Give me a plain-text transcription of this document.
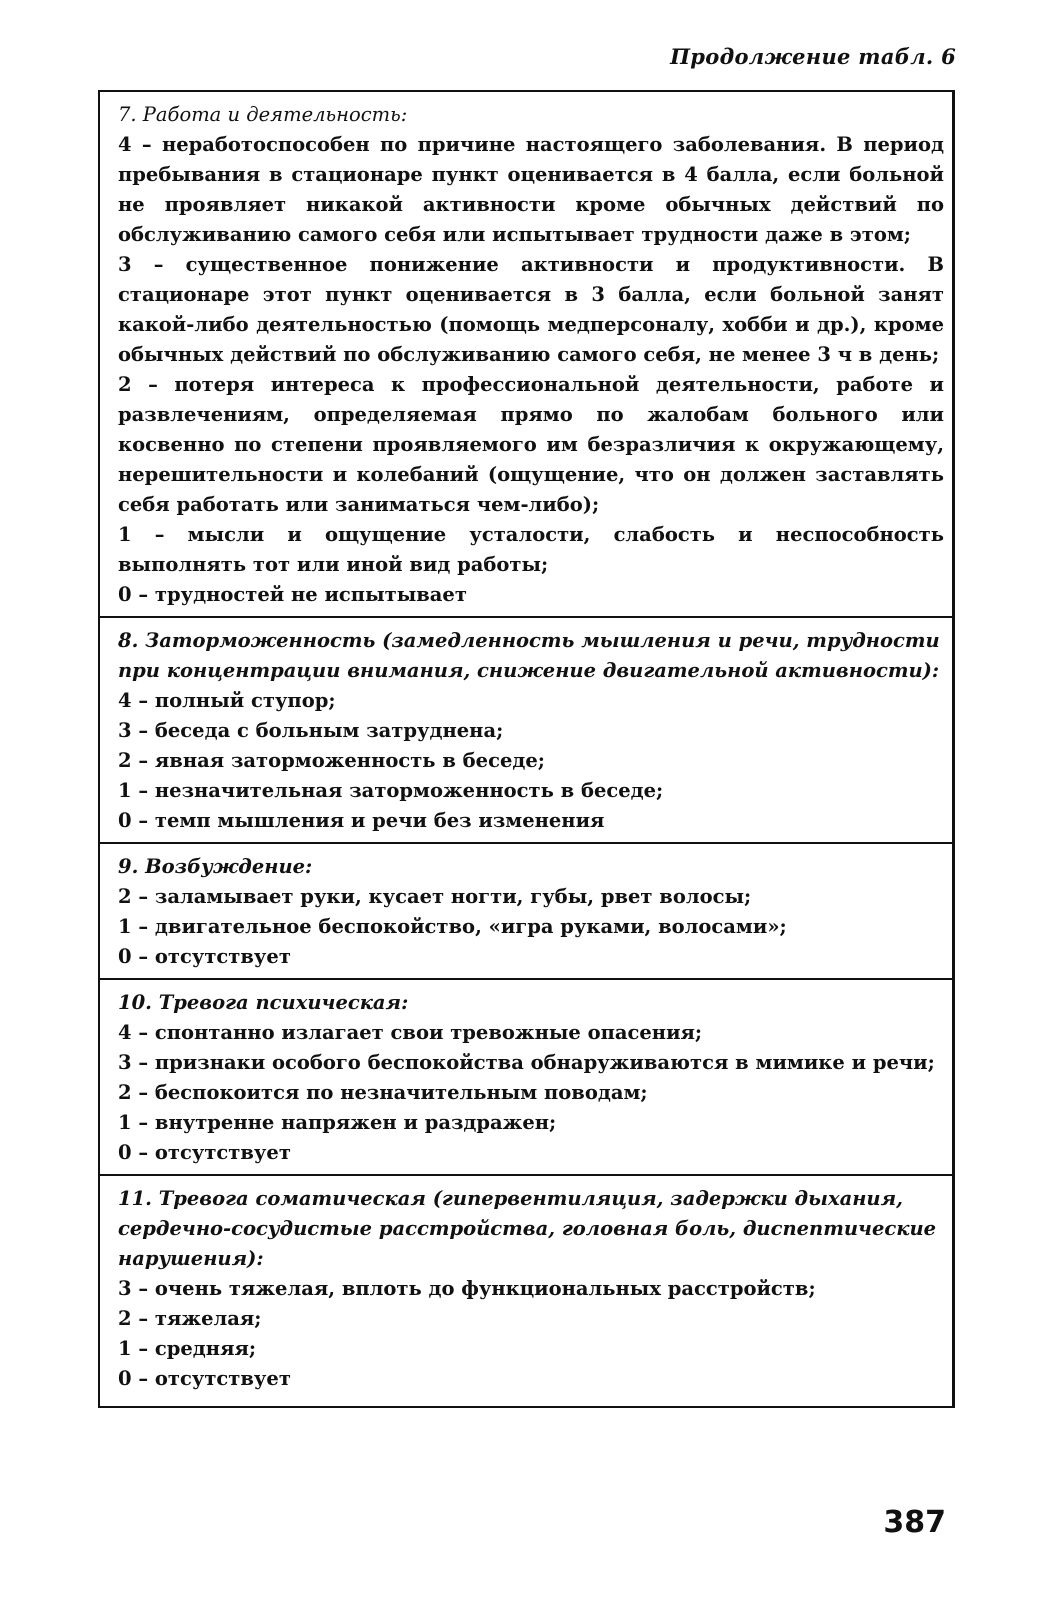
Продолжение табл. 6

7. Работа и деятельность:

4 – неработоспособен по причине настоящего заболевания. В период пребывания в стационаре пункт оценивается в 4 балла, если больной не проявляет никакой активности кроме обычных действий по обслуживанию самого себя или испытывает трудности даже в этом;

3 – существенное понижение активности и продуктивности. В стационаре этот пункт оценивается в 3 балла, если больной занят какой-либо деятельностью (помощь медперсоналу, хобби и др.), кроме обычных действий по обслуживанию самого себя, не менее 3 ч в день;

2 – потеря интереса к профессиональной деятельности, работе и развлечениям, определяемая прямо по жалобам больного или косвенно по степени проявляемого им безразличия к окружающему, нерешительности и колебаний (ощущение, что он должен заставлять себя работать или заниматься чем-либо);

1 – мысли и ощущение усталости, слабость и неспособность выполнять тот или иной вид работы;

0 – трудностей не испытывает

8. Заторможенность (замедленность мышления и речи, трудности при концентрации внимания, снижение двигательной активности):

4 – полный ступор;

3 – беседа с больным затруднена;

2 – явная заторможенность в беседе;

1 – незначительная заторможенность в беседе;

0 – темп мышления и речи без изменения

9. Возбуждение:

2 – заламывает руки, кусает ногти, губы, рвет волосы;

1 – двигательное беспокойство, «игра руками, волосами»;

0 – отсутствует

10. Тревога психическая:

4 – спонтанно излагает свои тревожные опасения;

3 – признаки особого беспокойства обнаруживаются в мимике и речи;

2 – беспокоится по незначительным поводам;

1 – внутренне напряжен и раздражен;

0 – отсутствует

11. Тревога соматическая (гипервентиляция, задержки дыхания, сердечно-сосудистые расстройства, головная боль, диспептические нарушения):

3 – очень тяжелая, вплоть до функциональных расстройств;

2 – тяжелая;

1 – средняя;

0 – отсутствует

387
